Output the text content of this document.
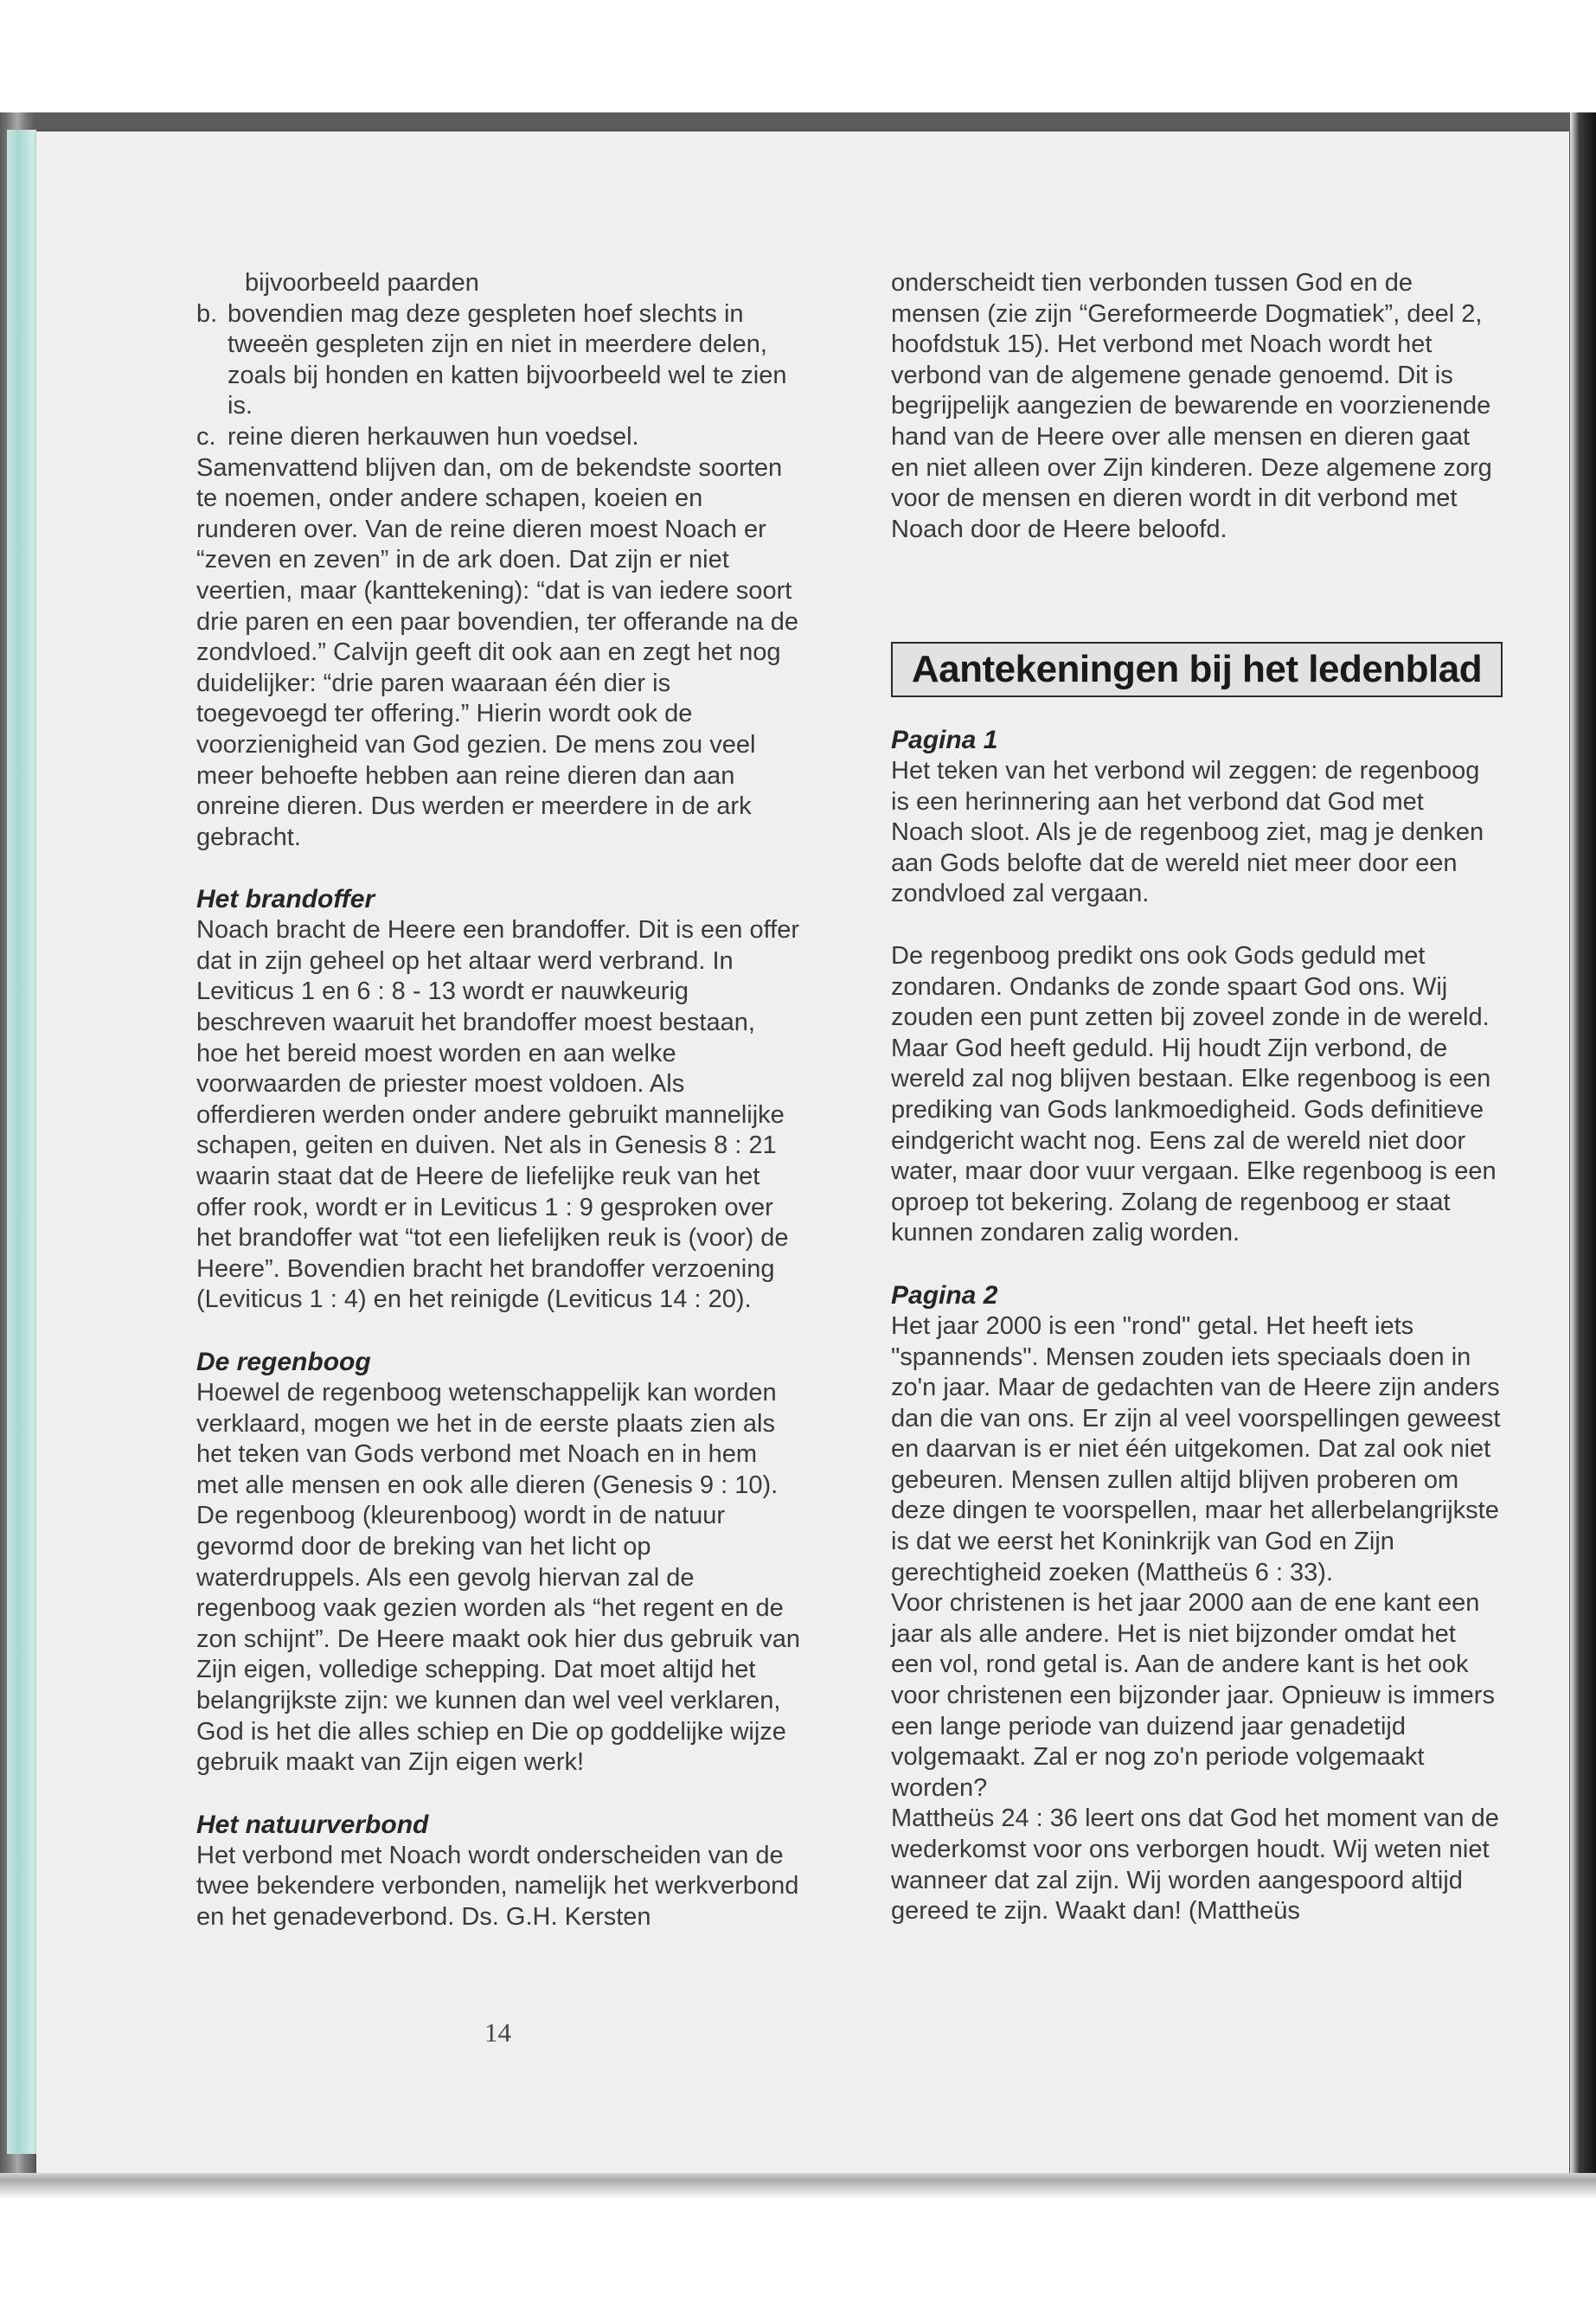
bijvoorbeeld paarden

b. bovendien mag deze gespleten hoef slechts in tweeën gespleten zijn en niet in meerdere delen, zoals bij honden en katten bijvoorbeeld wel te zien is.
c. reine dieren herkauwen hun voedsel.

Samenvattend blijven dan, om de bekendste soorten te noemen, onder andere schapen, koeien en runderen over. Van de reine dieren moest Noach er “zeven en zeven” in de ark doen. Dat zijn er niet veertien, maar (kanttekening): “dat is van iedere soort drie paren en een paar bovendien, ter offerande na de zondvloed.” Calvijn geeft dit ook aan en zegt het nog duidelijker: “drie paren waaraan één dier is toegevoegd ter offering.” Hierin wordt ook de voorzienigheid van God gezien. De mens zou veel meer behoefte hebben aan reine dieren dan aan onreine dieren. Dus werden er meerdere in de ark gebracht.

Het brandoffer

Noach bracht de Heere een brandoffer. Dit is een offer dat in zijn geheel op het altaar werd verbrand. In Leviticus 1 en 6 : 8 - 13 wordt er nauwkeurig beschreven waaruit het brandoffer moest bestaan, hoe het bereid moest worden en aan welke voorwaarden de priester moest voldoen. Als offerdieren werden onder andere gebruikt mannelijke schapen, geiten en duiven. Net als in Genesis 8 : 21 waarin staat dat de Heere de liefelijke reuk van het offer rook, wordt er in Leviticus 1 : 9 gesproken over het brandoffer wat “tot een liefelijken reuk is (voor) de Heere”. Bovendien bracht het brandoffer verzoening (Leviticus 1 : 4) en het reinigde (Leviticus 14 : 20).

De regenboog

Hoewel de regenboog wetenschappelijk kan worden verklaard, mogen we het in de eerste plaats zien als het teken van Gods verbond met Noach en in hem met alle mensen en ook alle dieren (Genesis 9 : 10). De regenboog (kleurenboog) wordt in de natuur gevormd door de breking van het licht op waterdruppels. Als een gevolg hiervan zal de regenboog vaak gezien worden als “het regent en de zon schijnt”. De Heere maakt ook hier dus gebruik van Zijn eigen, volledige schepping. Dat moet altijd het belangrijkste zijn: we kunnen dan wel veel verklaren, God is het die alles schiep en Die op goddelijke wijze gebruik maakt van Zijn eigen werk!

Het natuurverbond

Het verbond met Noach wordt onderscheiden van de twee bekendere verbonden, namelijk het werkverbond en het genadeverbond. Ds. G.H. Kersten

onderscheidt tien verbonden tussen God en de mensen (zie zijn “Gereformeerde Dogmatiek”, deel 2, hoofdstuk 15). Het verbond met Noach wordt het verbond van de algemene genade genoemd. Dit is begrijpelijk aangezien de bewarende en voorzienende hand van de Heere over alle mensen en dieren gaat en niet alleen over Zijn kinderen. Deze algemene zorg voor de mensen en dieren wordt in dit verbond met Noach door de Heere beloofd.

Aantekeningen bij het ledenblad
Pagina 1

Het teken van het verbond wil zeggen: de regenboog is een herinnering aan het verbond dat God met Noach sloot. Als je de regenboog ziet, mag je denken aan Gods belofte dat de wereld niet meer door een zondvloed zal vergaan.

De regenboog predikt ons ook Gods geduld met zondaren. Ondanks de zonde spaart God ons. Wij zouden een punt zetten bij zoveel zonde in de wereld. Maar God heeft geduld. Hij houdt Zijn verbond, de wereld zal nog blijven bestaan. Elke regenboog is een prediking van Gods lankmoedigheid. Gods definitieve eindgericht wacht nog. Eens zal de wereld niet door water, maar door vuur vergaan. Elke regenboog is een oproep tot bekering. Zolang de regenboog er staat kunnen zondaren zalig worden.

Pagina 2

Het jaar 2000 is een "rond" getal. Het heeft iets "spannends". Mensen zouden iets speciaals doen in zo'n jaar. Maar de gedachten van de Heere zijn anders dan die van ons. Er zijn al veel voorspellingen geweest en daarvan is er niet één uitgekomen. Dat zal ook niet gebeuren. Mensen zullen altijd blijven proberen om deze dingen te voorspellen, maar het allerbelangrijkste is dat we eerst het Koninkrijk van God en Zijn gerechtigheid zoeken (Mattheüs 6 : 33).

Voor christenen is het jaar 2000 aan de ene kant een jaar als alle andere. Het is niet bijzonder omdat het een vol, rond getal is. Aan de andere kant is het ook voor christenen een bijzonder jaar. Opnieuw is immers een lange periode van duizend jaar genadetijd volgemaakt. Zal er nog zo'n periode volgemaakt worden?

Mattheüs 24 : 36 leert ons dat God het moment van de wederkomst voor ons verborgen houdt. Wij weten niet wanneer dat zal zijn. Wij worden aangespoord altijd gereed te zijn. Waakt dan! (Mattheüs

14
